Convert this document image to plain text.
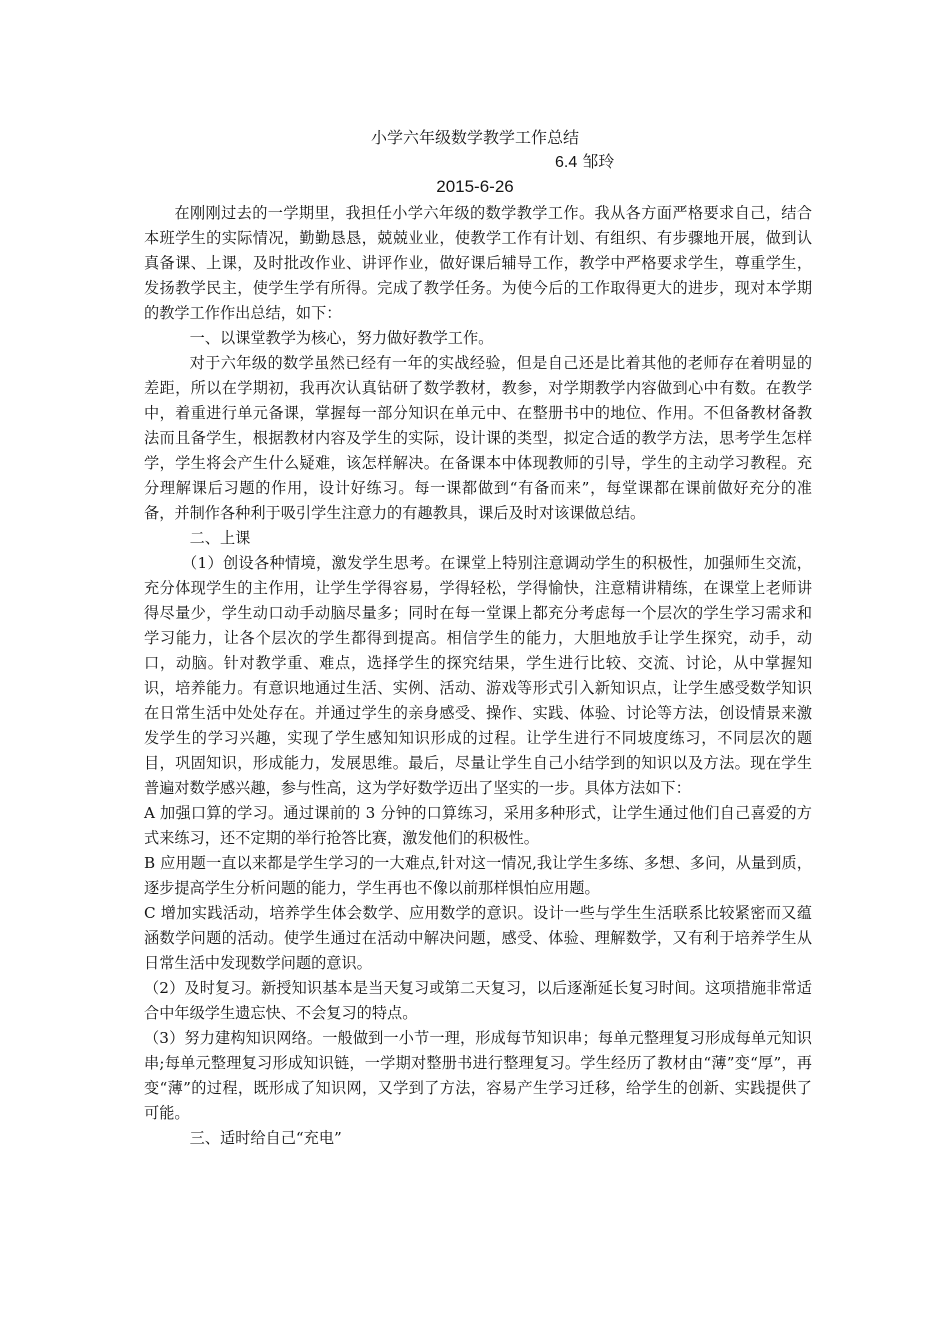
小学六年级数学教学工作总结
6.4 邹玲
2015-6-26

在刚刚过去的一学期里，我担任小学六年级的数学教学工作。我从各方面严格要求自己，结合本班学生的实际情况，勤勤恳恳，兢兢业业，使教学工作有计划、有组织、有步骤地开展，做到认真备课、上课，及时批改作业、讲评作业，做好课后辅导工作，教学中严格要求学生，尊重学生，发扬教学民主，使学生学有所得。完成了教学任务。为使今后的工作取得更大的进步，现对本学期的教学工作作出总结，如下：

一、以课堂教学为核心，努力做好教学工作。

对于六年级的数学虽然已经有一年的实战经验，但是自己还是比着其他的老师存在着明显的差距，所以在学期初，我再次认真钻研了数学教材，教参，对学期教学内容做到心中有数。在教学中，着重进行单元备课，掌握每一部分知识在单元中、在整册书中的地位、作用。不但备教材备教法而且备学生，根据教材内容及学生的实际，设计课的类型，拟定合适的教学方法，思考学生怎样学，学生将会产生什么疑难，该怎样解决。在备课本中体现教师的引导，学生的主动学习教程。充分理解课后习题的作用，设计好练习。每一课都做到“有备而来”，每堂课都在课前做好充分的准备，并制作各种利于吸引学生注意力的有趣教具，课后及时对该课做总结。

二、上课

（1）创设各种情境，激发学生思考。在课堂上特别注意调动学生的积极性，加强师生交流，充分体现学生的主作用，让学生学得容易，学得轻松，学得愉快，注意精讲精练，在课堂上老师讲得尽量少，学生动口动手动脑尽量多；同时在每一堂课上都充分考虑每一个层次的学生学习需求和学习能力，让各个层次的学生都得到提高。相信学生的能力，大胆地放手让学生探究，动手，动口，动脑。针对教学重、难点，选择学生的探究结果，学生进行比较、交流、讨论，从中掌握知识，培养能力。有意识地通过生活、实例、活动、游戏等形式引入新知识点，让学生感受数学知识在日常生活中处处存在。并通过学生的亲身感受、操作、实践、体验、讨论等方法，创设情景来激发学生的学习兴趣，实现了学生感知知识形成的过程。让学生进行不同坡度练习，不同层次的题目，巩固知识，形成能力，发展思维。最后，尽量让学生自己小结学到的知识以及方法。现在学生普遍对数学感兴趣，参与性高，这为学好数学迈出了坚实的一步。具体方法如下：

A 加强口算的学习。通过课前的 3 分钟的口算练习，采用多种形式，让学生通过他们自己喜爱的方式来练习，还不定期的举行抢答比赛，激发他们的积极性。

B 应用题一直以来都是学生学习的一大难点,针对这一情况,我让学生多练、多想、多问，从量到质，逐步提高学生分析问题的能力，学生再也不像以前那样惧怕应用题。

C 增加实践活动，培养学生体会数学、应用数学的意识。设计一些与学生生活联系比较紧密而又蕴涵数学问题的活动。使学生通过在活动中解决问题，感受、体验、理解数学，又有利于培养学生从日常生活中发现数学问题的意识。

（2）及时复习。新授知识基本是当天复习或第二天复习，以后逐渐延长复习时间。这项措施非常适合中年级学生遗忘快、不会复习的特点。

（3）努力建构知识网络。一般做到一小节一理，形成每节知识串；每单元整理复习形成每单元知识串;每单元整理复习形成知识链，一学期对整册书进行整理复习。学生经历了教材由“薄”变“厚”，再变“薄”的过程，既形成了知识网，又学到了方法，容易产生学习迁移，给学生的创新、实践提供了可能。

三、适时给自己“充电”
